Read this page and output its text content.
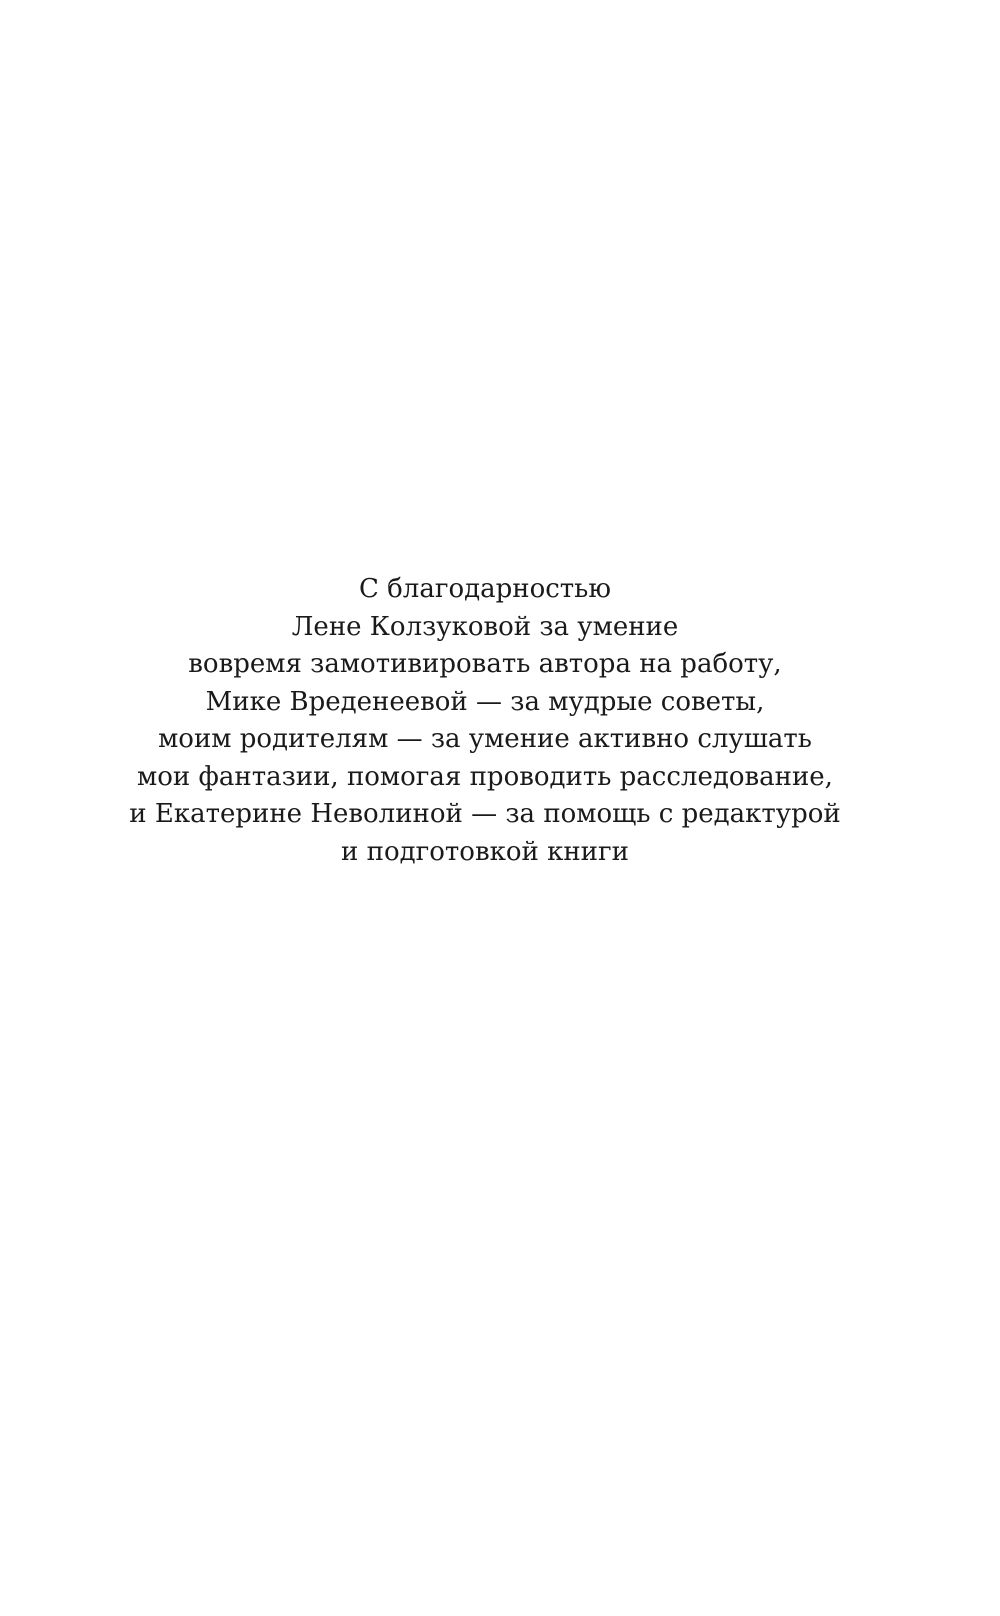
С благодарностью
Лене Колзуковой за умение
вовремя замотивировать автора на работу,
Мике Вреденеевой — за мудрые советы,
моим родителям — за умение активно слушать
мои фантазии, помогая проводить расследование,
и Екатерине Неволиной — за помощь с редактурой
и подготовкой книги
